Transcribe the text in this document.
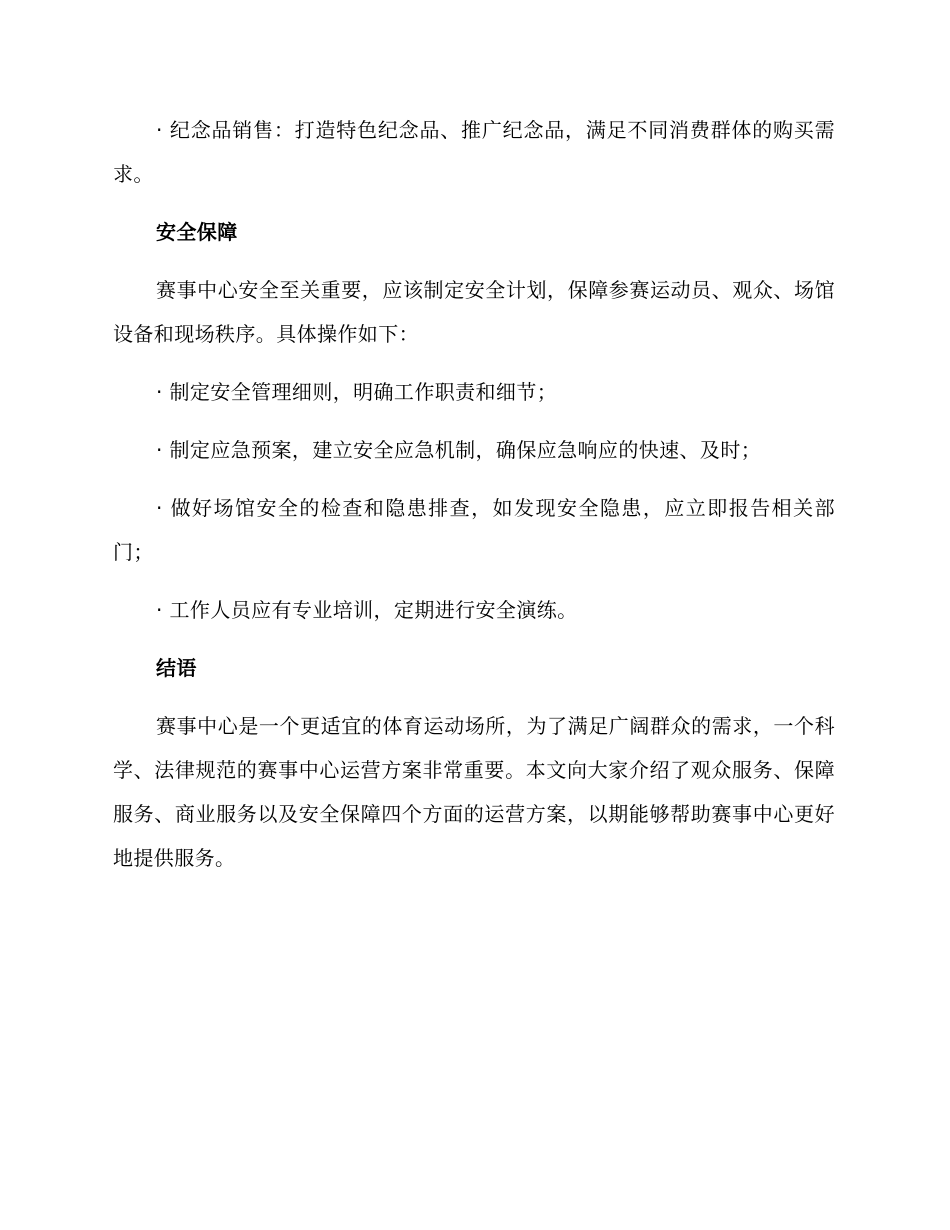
· 纪念品销售：打造特色纪念品、推广纪念品，满足不同消费群体的购买需求。

安全保障

赛事中心安全至关重要，应该制定安全计划，保障参赛运动员、观众、场馆设备和现场秩序。具体操作如下：

· 制定安全管理细则，明确工作职责和细节；

· 制定应急预案，建立安全应急机制，确保应急响应的快速、及时；

· 做好场馆安全的检查和隐患排查，如发现安全隐患，应立即报告相关部门；

· 工作人员应有专业培训，定期进行安全演练。

结语

赛事中心是一个更适宜的体育运动场所，为了满足广阔群众的需求，一个科学、法律规范的赛事中心运营方案非常重要。本文向大家介绍了观众服务、保障服务、商业服务以及安全保障四个方面的运营方案，以期能够帮助赛事中心更好地提供服务。
